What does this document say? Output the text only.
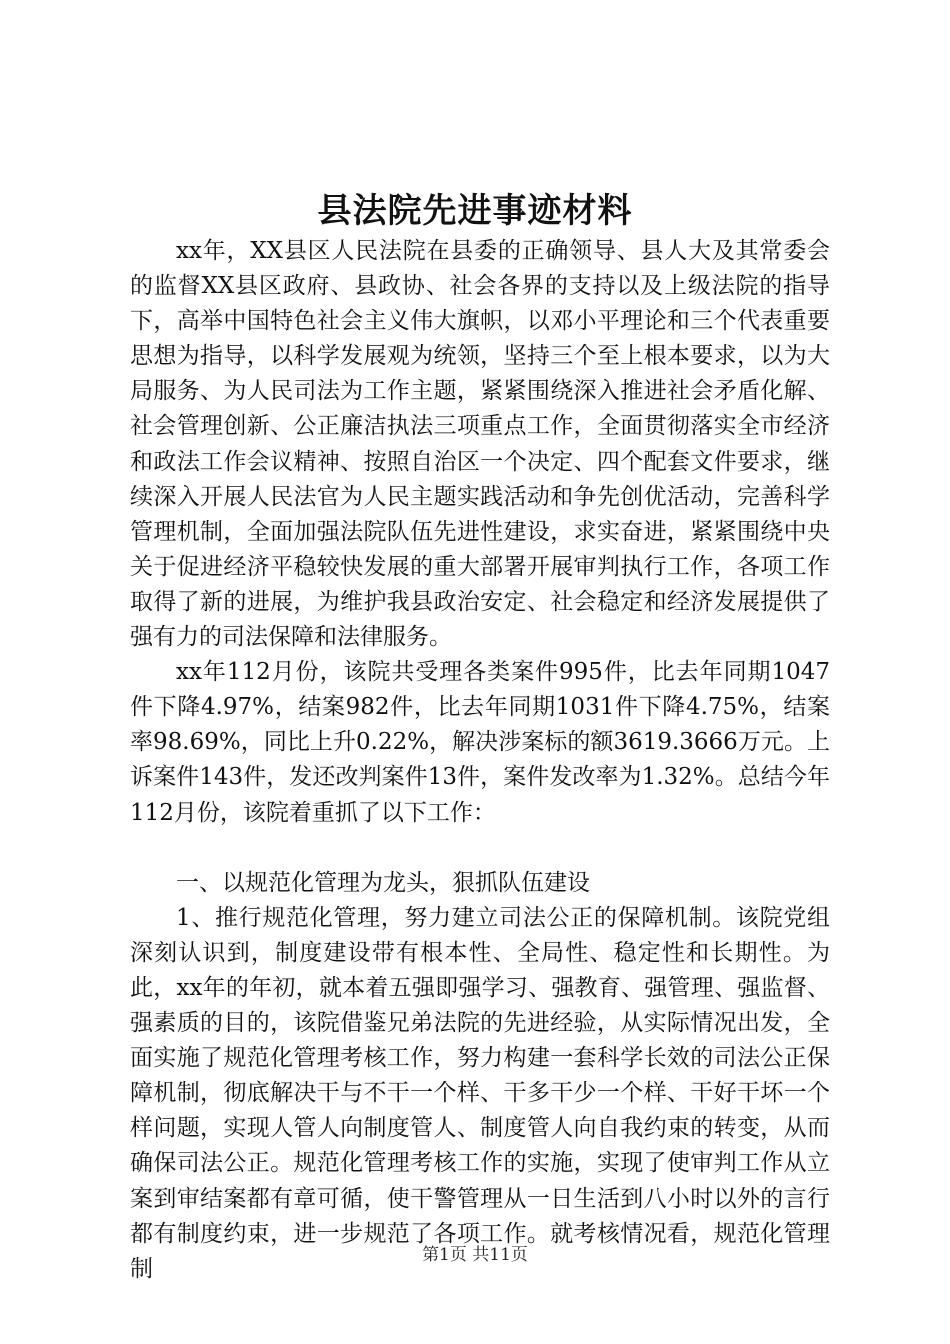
县法院先进事迹材料

xx年，XX县区人民法院在县委的正确领导、县人大及其常委会的监督XX县区政府、县政协、社会各界的支持以及上级法院的指导下，高举中国特色社会主义伟大旗帜，以邓小平理论和三个代表重要思想为指导，以科学发展观为统领，坚持三个至上根本要求，以为大局服务、为人民司法为工作主题，紧紧围绕深入推进社会矛盾化解、社会管理创新、公正廉洁执法三项重点工作，全面贯彻落实全市经济和政法工作会议精神、按照自治区一个决定、四个配套文件要求，继续深入开展人民法官为人民主题实践活动和争先创优活动，完善科学管理机制，全面加强法院队伍先进性建设，求实奋进，紧紧围绕中央关于促进经济平稳较快发展的重大部署开展审判执行工作，各项工作取得了新的进展，为维护我县政治安定、社会稳定和经济发展提供了强有力的司法保障和法律服务。

xx年112月份，该院共受理各类案件995件，比去年同期1047件下降4.97%，结案982件，比去年同期1031件下降4.75%，结案率98.69%，同比上升0.22%，解决涉案标的额3619.3666万元。上诉案件143件，发还改判案件13件，案件发改率为1.32%。总结今年112月份，该院着重抓了以下工作：

一、以规范化管理为龙头，狠抓队伍建设

1、推行规范化管理，努力建立司法公正的保障机制。该院党组深刻认识到，制度建设带有根本性、全局性、稳定性和长期性。为此，xx年的年初，就本着五强即强学习、强教育、强管理、强监督、强素质的目的，该院借鉴兄弟法院的先进经验，从实际情况出发，全面实施了规范化管理考核工作，努力构建一套科学长效的司法公正保障机制，彻底解决干与不干一个样、干多干少一个样、干好干坏一个样问题，实现人管人向制度管人、制度管人向自我约束的转变，从而确保司法公正。规范化管理考核工作的实施，实现了使审判工作从立案到审结案都有章可循，使干警管理从一日生活到八小时以外的言行都有制度约束，进一步规范了各项工作。就考核情况看，规范化管理制

第1页 共11页
